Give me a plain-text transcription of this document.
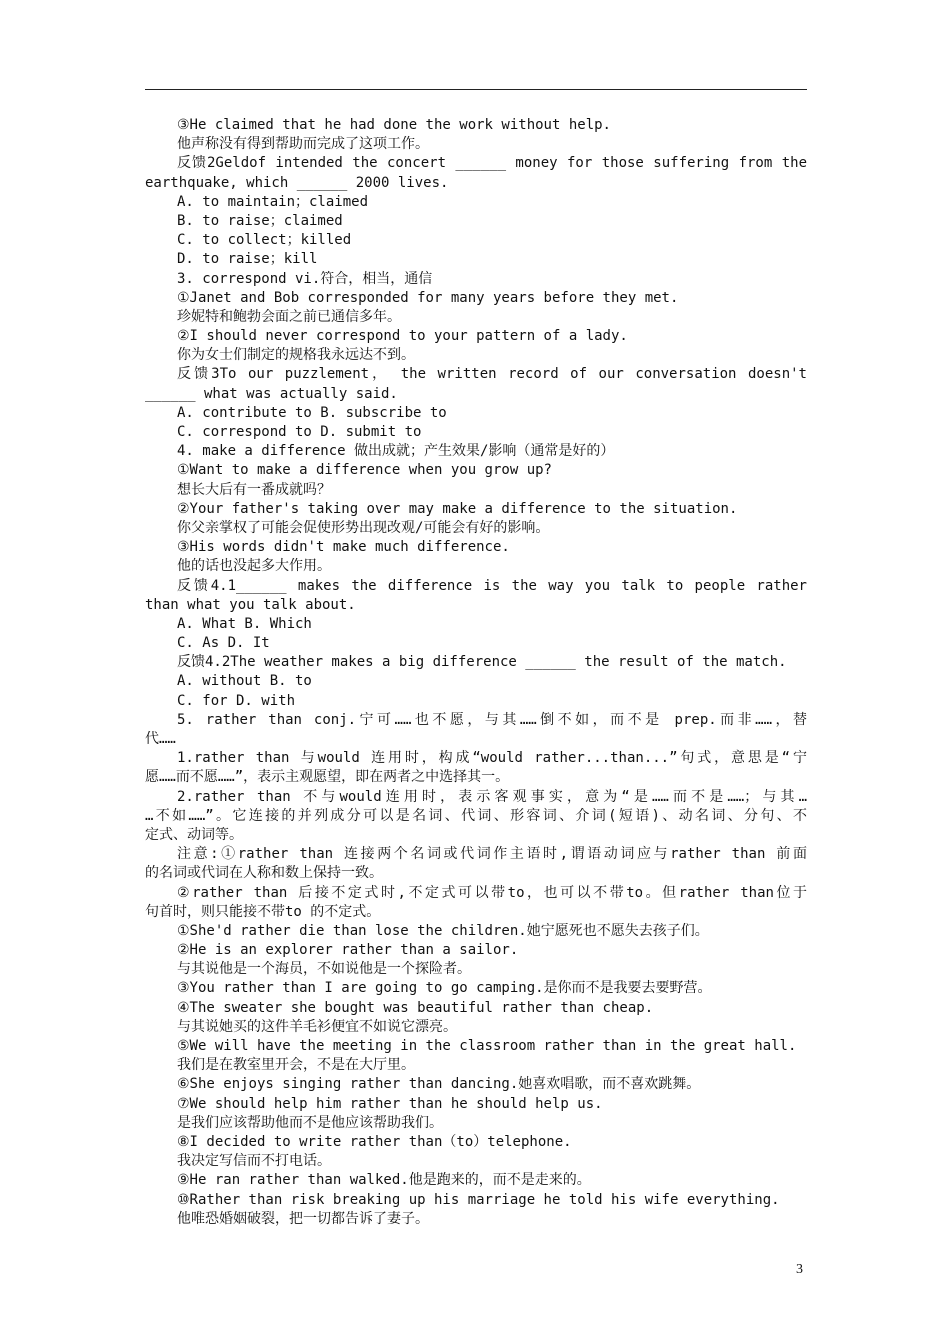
③He claimed that he had done the work without help.
他声称没有得到帮助而完成了这项工作。
反馈2Geldof intended the concert ______ money for those suffering from the
earthquake, which ______ 2000 lives.
A. to maintain；claimed
B. to raise；claimed
C. to collect；killed
D. to raise；kill
3. correspond vi.符合，相当，通信
①Janet and Bob corresponded for many years before they met.
珍妮特和鲍勃会面之前已通信多年。
②I should never correspond to your pattern of a lady.
你为女士们制定的规格我永远达不到。
反馈3To our puzzlement， the written record of our conversation doesn't
______ what was actually said.
A. contribute to B. subscribe to
C. correspond to D. submit to
4. make a difference 做出成就；产生效果/影响（通常是好的）
①Want to make a difference when you grow up?
想长大后有一番成就吗？
②Your father's taking over may make a difference to the situation.
你父亲掌权了可能会促使形势出现改观/可能会有好的影响。
③His words didn't make much difference.
他的话也没起多大作用。
反馈4.1______ makes the difference is the way you talk to people rather
than what you talk about.
A. What B. Which
C. As D. It
反馈4.2The weather makes a big difference ______ the result of the match.
A. without B. to
C. for D. with
5. rather than conj.宁可……也不愿，与其……倒不如，而不是 prep.而非……，替
代……
1.rather than 与would 连用时，构成“would rather...than...”句式，意思是“宁
愿……而不愿……”，表示主观愿望，即在两者之中选择其一。
2.rather than 不与would连用时，表示客观事实，意为“是……而不是……；与其…
…不如……”。它连接的并列成分可以是名词、代词、形容词、介词(短语)、动名词、分句、不
定式、动词等。
注意:①rather than 连接两个名词或代词作主语时,谓语动词应与rather than 前面
的名词或代词在人称和数上保持一致。
②rather than 后接不定式时,不定式可以带to，也可以不带to。但rather than位于
句首时，则只能接不带to 的不定式。
①She'd rather die than lose the children.她宁愿死也不愿失去孩子们。
②He is an explorer rather than a sailor.
与其说他是一个海员，不如说他是一个探险者。
③You rather than I are going to go camping.是你而不是我要去要野营。
④The sweater she bought was beautiful rather than cheap.
与其说她买的这件羊毛衫便宜不如说它漂亮。
⑤We will have the meeting in the classroom rather than in the great hall.
我们是在教室里开会，不是在大厅里。
⑥She enjoys singing rather than dancing.她喜欢唱歌，而不喜欢跳舞。
⑦We should help him rather than he should help us.
是我们应该帮助他而不是他应该帮助我们。
⑧I decided to write rather than（to）telephone.
我决定写信而不打电话。
⑨He ran rather than walked.他是跑来的，而不是走来的。
⑩Rather than risk breaking up his marriage he told his wife everything.
他唯恐婚姻破裂，把一切都告诉了妻子。
3
